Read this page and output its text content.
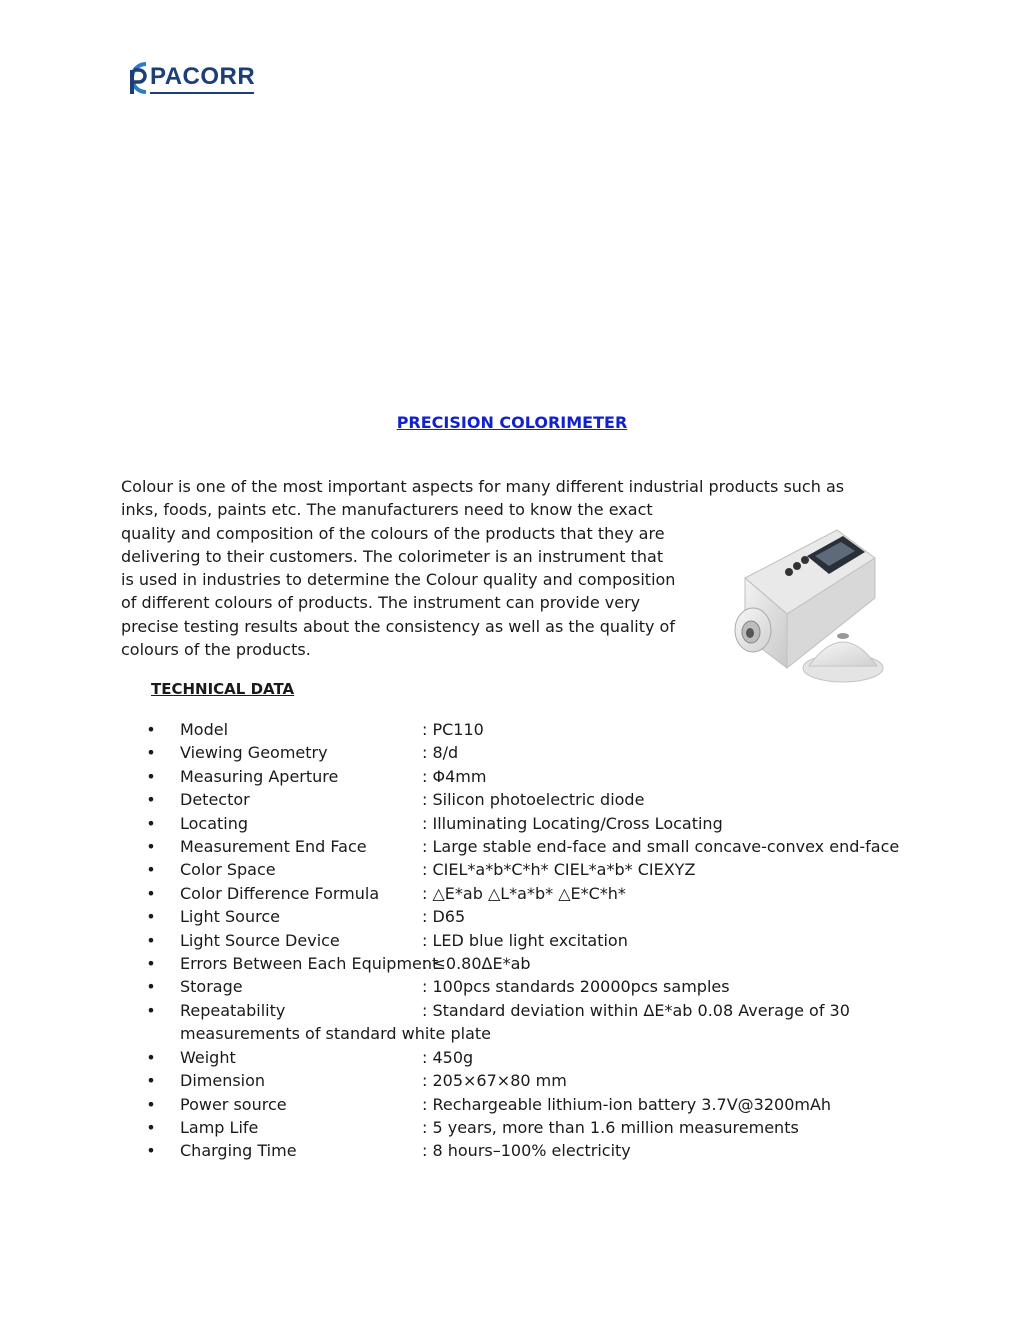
PACORR
PRECISION COLORIMETER
Colour is one of the most important aspects for many different industrial products such as
inks, foods, paints etc. The manufacturers need to know the exact
quality and composition of the colours of the products that they are
delivering to their customers. The colorimeter is an instrument that
is used in industries to determine the Colour quality and composition
of different colours of products. The instrument can provide very
precise testing results about the consistency as well as the quality of
colours of the products.
TECHNICAL DATA
• Model	: PC110
• Viewing Geometry	: 8/d
• Measuring Aperture	: Φ4mm
• Detector	: Silicon photoelectric diode
• Locating	: Illuminating Locating/Cross Locating
• Measurement End Face	: Large stable end-face and small concave-convex end-face
• Color Space	: CIEL*a*b*C*h* CIEL*a*b* CIEXYZ
• Color Difference Formula	: △E*ab △L*a*b* △E*C*h*
• Light Source	: D65
• Light Source Device	: LED blue light excitation
• Errors Between Each Equipment: ≤0.80ΔE*ab
• Storage	: 100pcs standards 20000pcs samples
• Repeatability	: Standard deviation within ΔE*ab 0.08 Average of 30 measurements of standard white plate
• Weight	: 450g
• Dimension	: 205×67×80 mm
• Power source	: Rechargeable lithium-ion battery 3.7V@3200mAh
• Lamp Life	: 5 years, more than 1.6 million measurements
• Charging Time	: 8 hours–100% electricity
